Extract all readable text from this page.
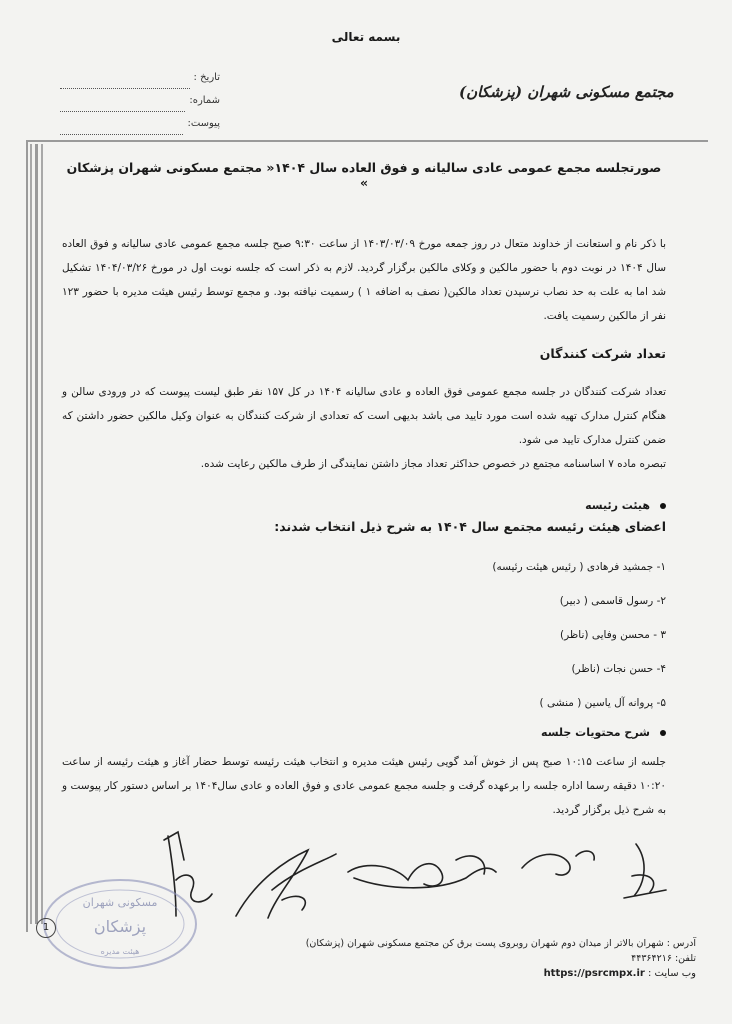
بسمه تعالی
تاریخ :
شماره:
پیوست:
مجتمع مسکونی شهران (پزشکان)
صورتجلسه مجمع عمومی عادی سالیانه و فوق العاده سال ۱۴۰۴« مجتمع مسکونی شهران پزشکان »
با ذکر نام و استعانت از خداوند متعال در روز جمعه مورخ ۱۴۰۳/۰۳/۰۹ از ساعت ۹:۳۰ صبح جلسه مجمع عمومی عادی سالیانه و فوق العاده سال ۱۴۰۴ در نوبت دوم با حضور مالکین و وکلای مالکین برگزار گردید. لازم به ذکر است که جلسه نوبت اول در مورخ ۱۴۰۴/۰۳/۲۶ تشکیل شد اما به علت به حد نصاب نرسیدن تعداد مالکین( نصف به اضافه ۱ ) رسمیت نیافته بود. و مجمع توسط رئیس هیئت مدیره با حضور ۱۲۳ نفر از مالکین رسمیت یافت.
تعداد شرکت کنندگان
تعداد شرکت کنندگان در جلسه مجمع عمومی فوق العاده و عادی سالیانه ۱۴۰۴ در کل ۱۵۷ نفر طبق لیست پیوست که در ورودی سالن و هنگام کنترل مدارک تهیه شده است مورد تایید می باشد بدیهی است که تعدادی از شرکت کنندگان به عنوان وکیل مالکین حضور داشتن که ضمن کنترل مدارک تایید می شود.
تبصره ماده ۷ اساسنامه مجتمع در خصوص حداکثر تعداد مجاز داشتن نمایندگی از طرف مالکین رعایت شده.
هیئت رئیسه
اعضای هیئت رئیسه مجتمع سال ۱۴۰۴ به شرح ذیل انتخاب شدند:
۱- جمشید فرهادی ( رئیس هیئت رئیسه)
۲- رسول قاسمی ( دبیر)
۳ - محسن وفایی (ناظر)
۴- حسن نجات (ناظر)
۵- پروانه آل یاسین ( منشی )
شرح محتویات جلسه
جلسه از ساعت ۱۰:۱۵ صبح پس از خوش آمد گویی رئیس هیئت مدیره و انتخاب هیئت رئیسه توسط حضار آغاز و هیئت رئیسه از ساعت ۱۰:۲۰ دقیقه رسما اداره جلسه را برعهده گرفت و جلسه مجمع عمومی عادی و فوق العاده و عادی سال۱۴۰۴ بر اساس دستور کار پیوست و به شرح ذیل برگزار گردید.
مسکونی شهران
پزشکان
هیئت مدیره
1
آدرس : شهران بالاتر از میدان دوم شهران روبروی پست برق کن مجتمع مسکونی شهران (پزشکان)
تلفن: ۴۴۳۶۴۲۱۶
وب سایت : https://psrcmpx.ir
